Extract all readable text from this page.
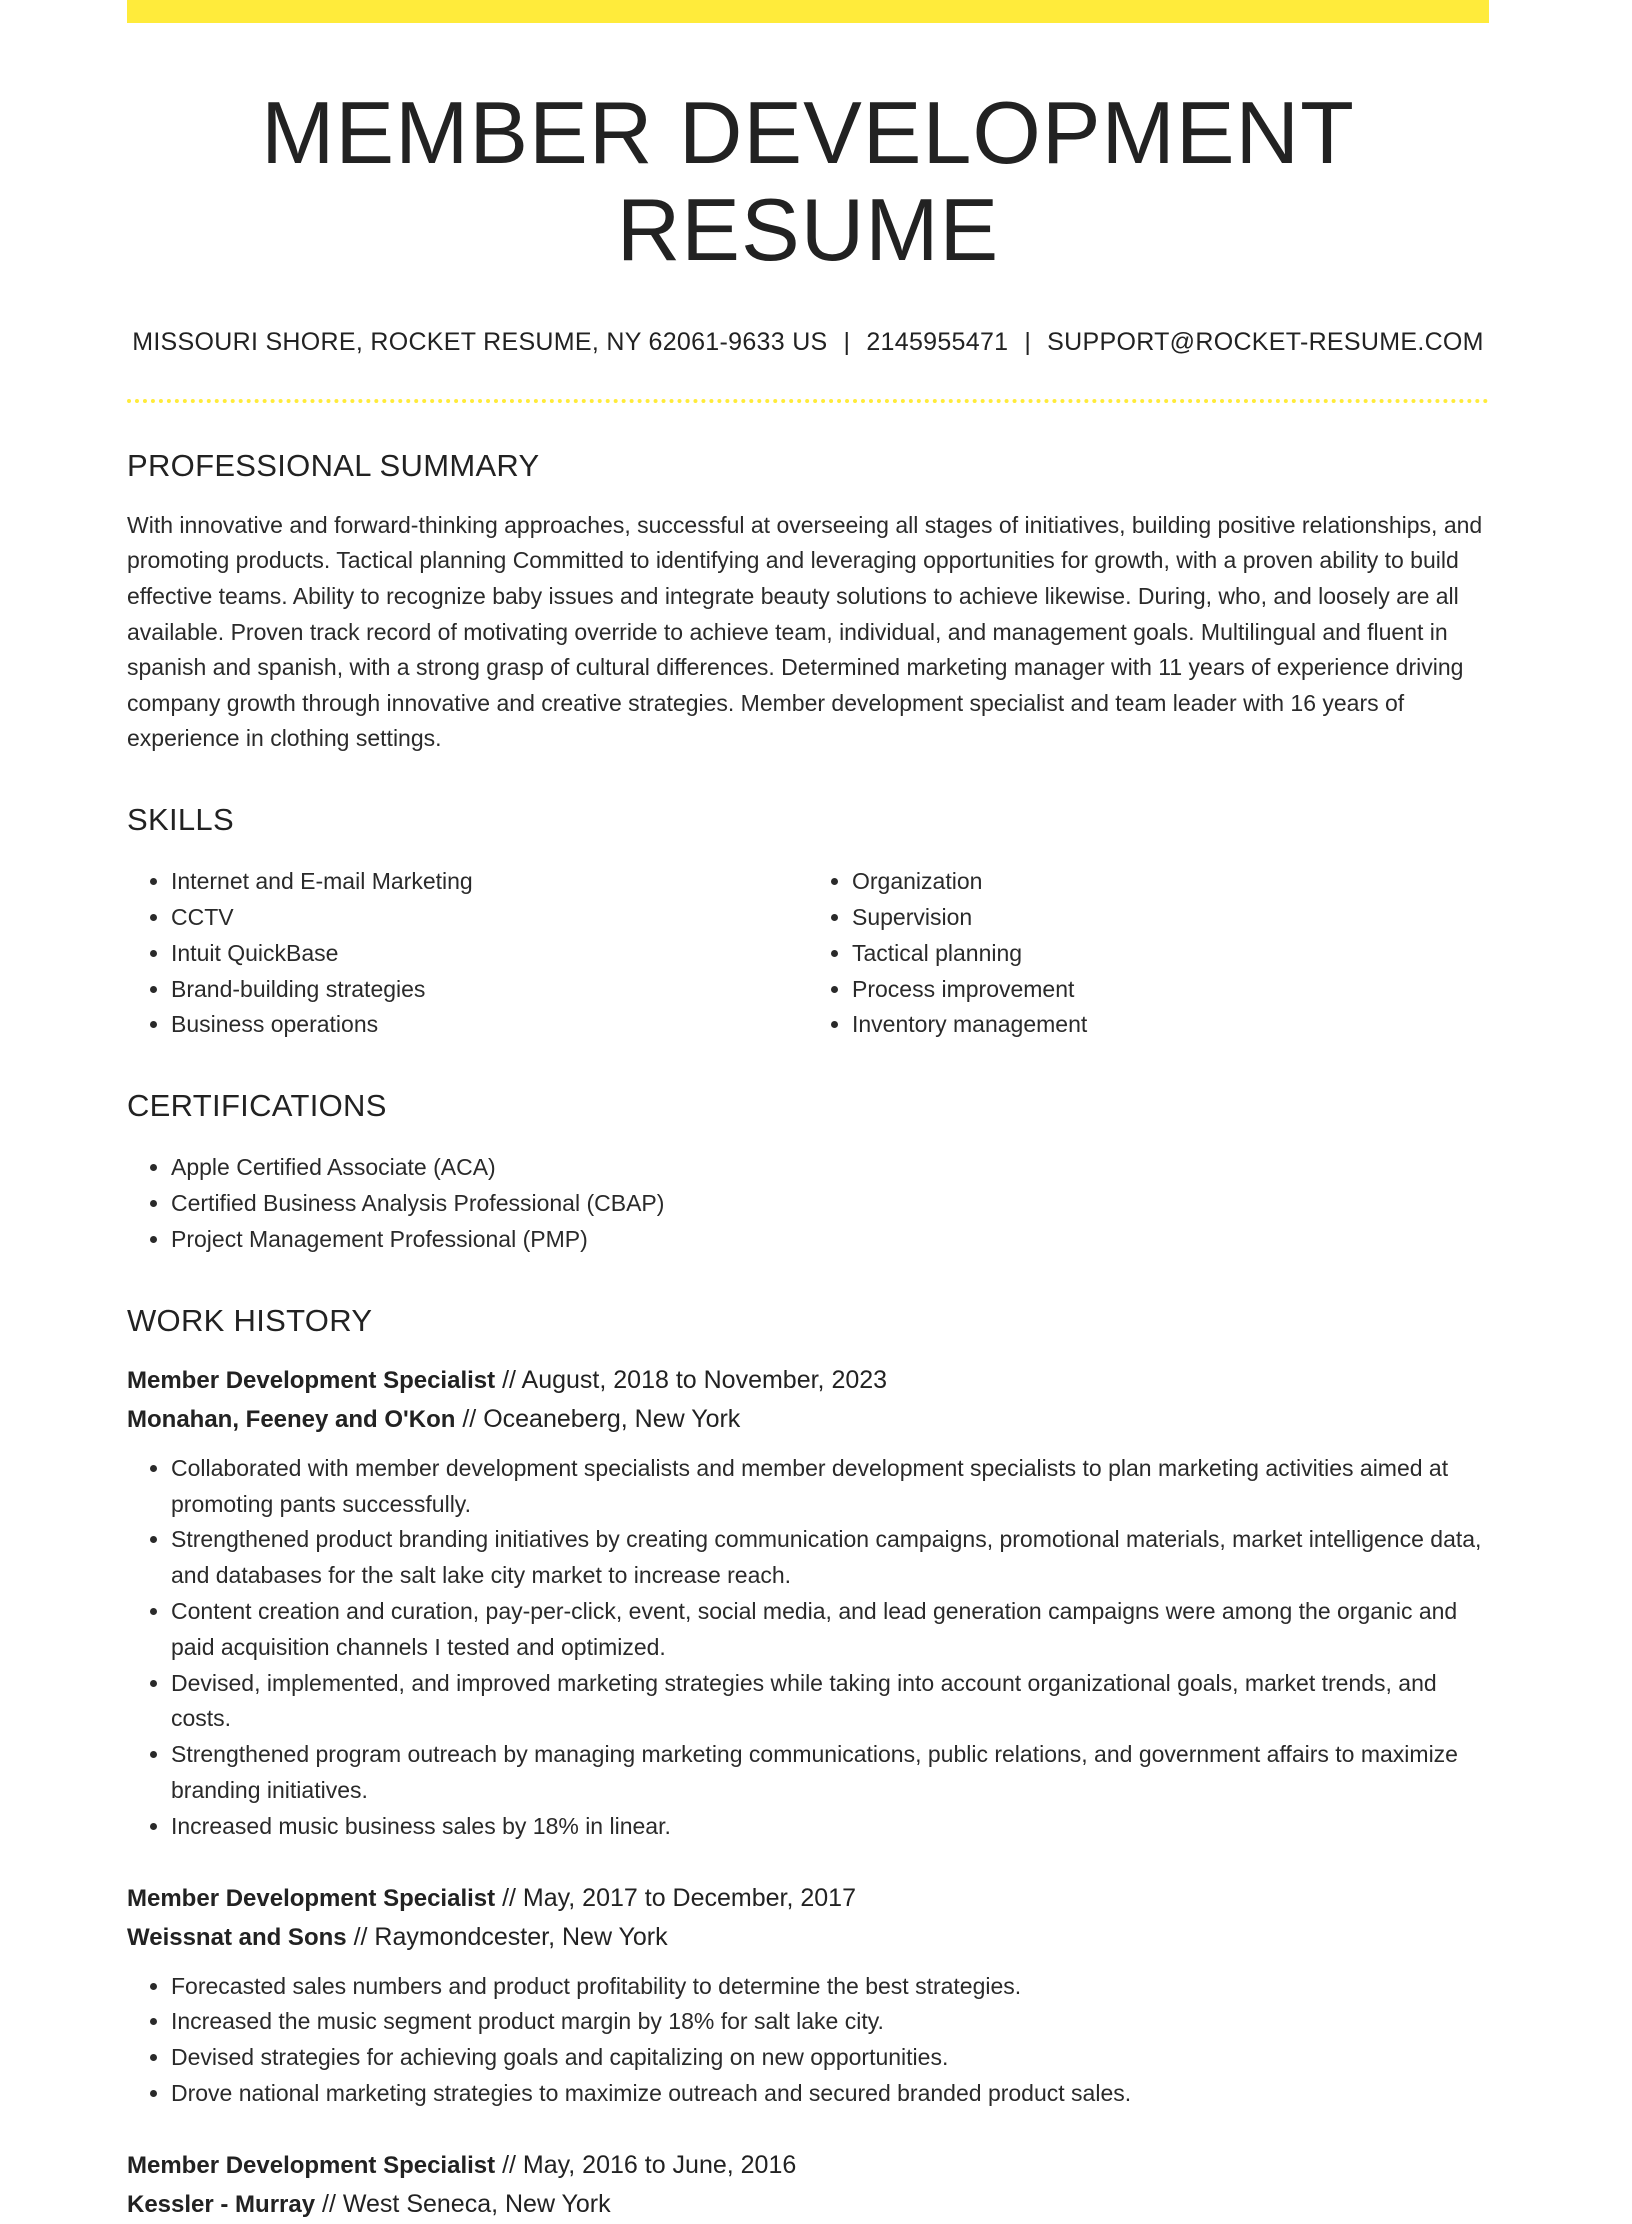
MEMBER DEVELOPMENT RESUME
MISSOURI SHORE, ROCKET RESUME, NY 62061-9633 US | 2145955471 | SUPPORT@ROCKET-RESUME.COM
PROFESSIONAL SUMMARY

With innovative and forward-thinking approaches, successful at overseeing all stages of initiatives, building positive relationships, and promoting products. Tactical planning Committed to identifying and leveraging opportunities for growth, with a proven ability to build effective teams. Ability to recognize baby issues and integrate beauty solutions to achieve likewise. During, who, and loosely are all available. Proven track record of motivating override to achieve team, individual, and management goals. Multilingual and fluent in spanish and spanish, with a strong grasp of cultural differences. Determined marketing manager with 11 years of experience driving company growth through innovative and creative strategies. Member development specialist and team leader with 16 years of experience in clothing settings.

SKILLS
• Internet and E-mail Marketing
• CCTV
• Intuit QuickBase
• Brand-building strategies
• Business operations
• Organization
• Supervision
• Tactical planning
• Process improvement
• Inventory management
CERTIFICATIONS
• Apple Certified Associate (ACA)
• Certified Business Analysis Professional (CBAP)
• Project Management Professional (PMP)
WORK HISTORY
Member Development Specialist // August, 2018 to November, 2023
Monahan, Feeney and O'Kon // Oceaneberg, New York
• Collaborated with member development specialists and member development specialists to plan marketing activities aimed at promoting pants successfully.
• Strengthened product branding initiatives by creating communication campaigns, promotional materials, market intelligence data, and databases for the salt lake city market to increase reach.
• Content creation and curation, pay-per-click, event, social media, and lead generation campaigns were among the organic and paid acquisition channels I tested and optimized.
• Devised, implemented, and improved marketing strategies while taking into account organizational goals, market trends, and costs.
• Strengthened program outreach by managing marketing communications, public relations, and government affairs to maximize branding initiatives.
• Increased music business sales by 18% in linear.
Member Development Specialist // May, 2017 to December, 2017
Weissnat and Sons // Raymondcester, New York
• Forecasted sales numbers and product profitability to determine the best strategies.
• Increased the music segment product margin by 18% for salt lake city.
• Devised strategies for achieving goals and capitalizing on new opportunities.
• Drove national marketing strategies to maximize outreach and secured branded product sales.
Member Development Specialist // May, 2016 to June, 2016
Kessler - Murray // West Seneca, New York
